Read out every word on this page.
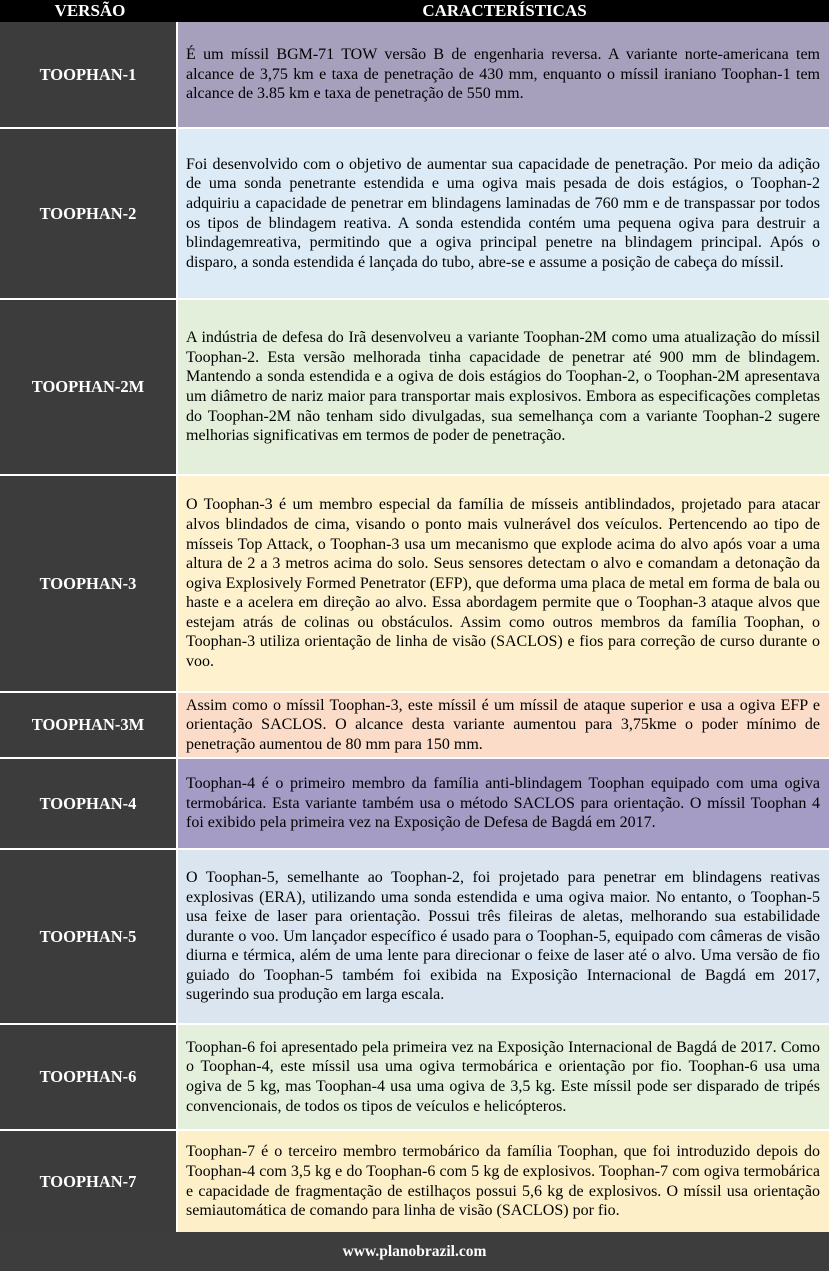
VERSÃO	CARACTERÍSTICAS
TOOPHAN-1
É um míssil BGM-71 TOW versão B de engenharia reversa. A variante norte-americana tem alcance de 3,75 km e taxa de penetração de 430 mm, enquanto o míssil iraniano Toophan-1 tem alcance de 3.85 km e taxa de penetração de 550 mm.
TOOPHAN-2
Foi desenvolvido com o objetivo de aumentar sua capacidade de penetração. Por meio da adição de uma sonda penetrante estendida e uma ogiva mais pesada de dois estágios, o Toophan-2 adquiriu a capacidade de penetrar em blindagens laminadas de 760 mm e de transpassar por todos os tipos de blindagem reativa. A sonda estendida contém uma pequena ogiva para destruir a blindagemreativa, permitindo que a ogiva principal penetre na blindagem principal. Após o disparo, a sonda estendida é lançada do tubo, abre-se e assume a posição de cabeça do míssil.
TOOPHAN-2M
A indústria de defesa do Irã desenvolveu a variante Toophan-2M como uma atualização do míssil Toophan-2. Esta versão melhorada tinha capacidade de penetrar até 900 mm de blindagem. Mantendo a sonda estendida e a ogiva de dois estágios do Toophan-2, o Toophan-2M apresentava um diâmetro de nariz maior para transportar mais explosivos. Embora as especificações completas do Toophan-2M não tenham sido divulgadas, sua semelhança com a variante Toophan-2 sugere melhorias significativas em termos de poder de penetração.
TOOPHAN-3
O Toophan-3 é um membro especial da família de mísseis antiblindados, projetado para atacar alvos blindados de cima, visando o ponto mais vulnerável dos veículos. Pertencendo ao tipo de mísseis Top Attack, o Toophan-3 usa um mecanismo que explode acima do alvo após voar a uma altura de 2 a 3 metros acima do solo. Seus sensores detectam o alvo e comandam a detonação da ogiva Explosively Formed Penetrator (EFP), que deforma uma placa de metal em forma de bala ou haste e a acelera em direção ao alvo. Essa abordagem permite que o Toophan-3 ataque alvos que estejam atrás de colinas ou obstáculos. Assim como outros membros da família Toophan, o Toophan-3 utiliza orientação de linha de visão (SACLOS) e fios para correção de curso durante o voo.
TOOPHAN-3M
Assim como o míssil Toophan-3, este míssil é um míssil de ataque superior e usa a ogiva EFP e orientação SACLOS. O alcance desta variante aumentou para 3,75kme o poder mínimo de penetração aumentou de 80 mm para 150 mm.
TOOPHAN-4
Toophan-4 é o primeiro membro da família anti-blindagem Toophan equipado com uma ogiva termobárica. Esta variante também usa o método SACLOS para orientação. O míssil Toophan 4 foi exibido pela primeira vez na Exposição de Defesa de Bagdá em 2017.
TOOPHAN-5
O Toophan-5, semelhante ao Toophan-2, foi projetado para penetrar em blindagens reativas explosivas (ERA), utilizando uma sonda estendida e uma ogiva maior. No entanto, o Toophan-5 usa feixe de laser para orientação. Possui três fileiras de aletas, melhorando sua estabilidade durante o voo. Um lançador específico é usado para o Toophan-5, equipado com câmeras de visão diurna e térmica, além de uma lente para direcionar o feixe de laser até o alvo. Uma versão de fio guiado do Toophan-5 também foi exibida na Exposição Internacional de Bagdá em 2017, sugerindo sua produção em larga escala.
TOOPHAN-6
Toophan-6 foi apresentado pela primeira vez na Exposição Internacional de Bagdá de 2017. Como o Toophan-4, este míssil usa uma ogiva termobárica e orientação por fio. Toophan-6 usa uma ogiva de 5 kg, mas Toophan-4 usa uma ogiva de 3,5 kg. Este míssil pode ser disparado de tripés convencionais, de todos os tipos de veículos e helicópteros.
TOOPHAN-7
Toophan-7 é o terceiro membro termobárico da família Toophan, que foi introduzido depois do Toophan-4 com 3,5 kg e do Toophan-6 com 5 kg de explosivos. Toophan-7 com ogiva termobárica e capacidade de fragmentação de estilhaços possui 5,6 kg de explosivos. O míssil usa orientação semiautomática de comando para linha de visão (SACLOS) por fio.
www.planobrazil.com
